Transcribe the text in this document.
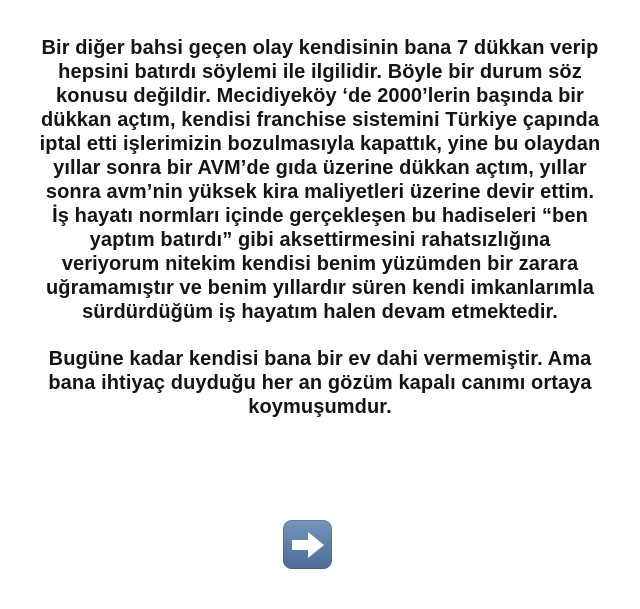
Bir diğer bahsi geçen olay kendisinin bana 7 dükkan verip
hepsini batırdı söylemi ile ilgilidir. Böyle bir durum söz
konusu değildir. Mecidiyeköy ‘de 2000’lerin başında bir
dükkan açtım, kendisi franchise sistemini Türkiye çapında
iptal etti işlerimizin bozulmasıyla kapattık, yine bu olaydan
yıllar sonra bir AVM’de gıda üzerine dükkan açtım, yıllar
sonra avm’nin yüksek kira maliyetleri üzerine devir ettim.
İş hayatı normları içinde gerçekleşen bu hadiseleri “ben
yaptım batırdı” gibi aksettirmesini rahatsızlığına
veriyorum nitekim kendisi benim yüzümden bir zarara
uğramamıştır ve benim yıllardır süren kendi imkanlarımla
sürdürdüğüm iş hayatım halen devam etmektedir.

Bugüne kadar kendisi bana bir ev dahi vermemiştir. Ama
bana ihtiyaç duyduğu her an gözüm kapalı canımı ortaya
koymuşumdur.
